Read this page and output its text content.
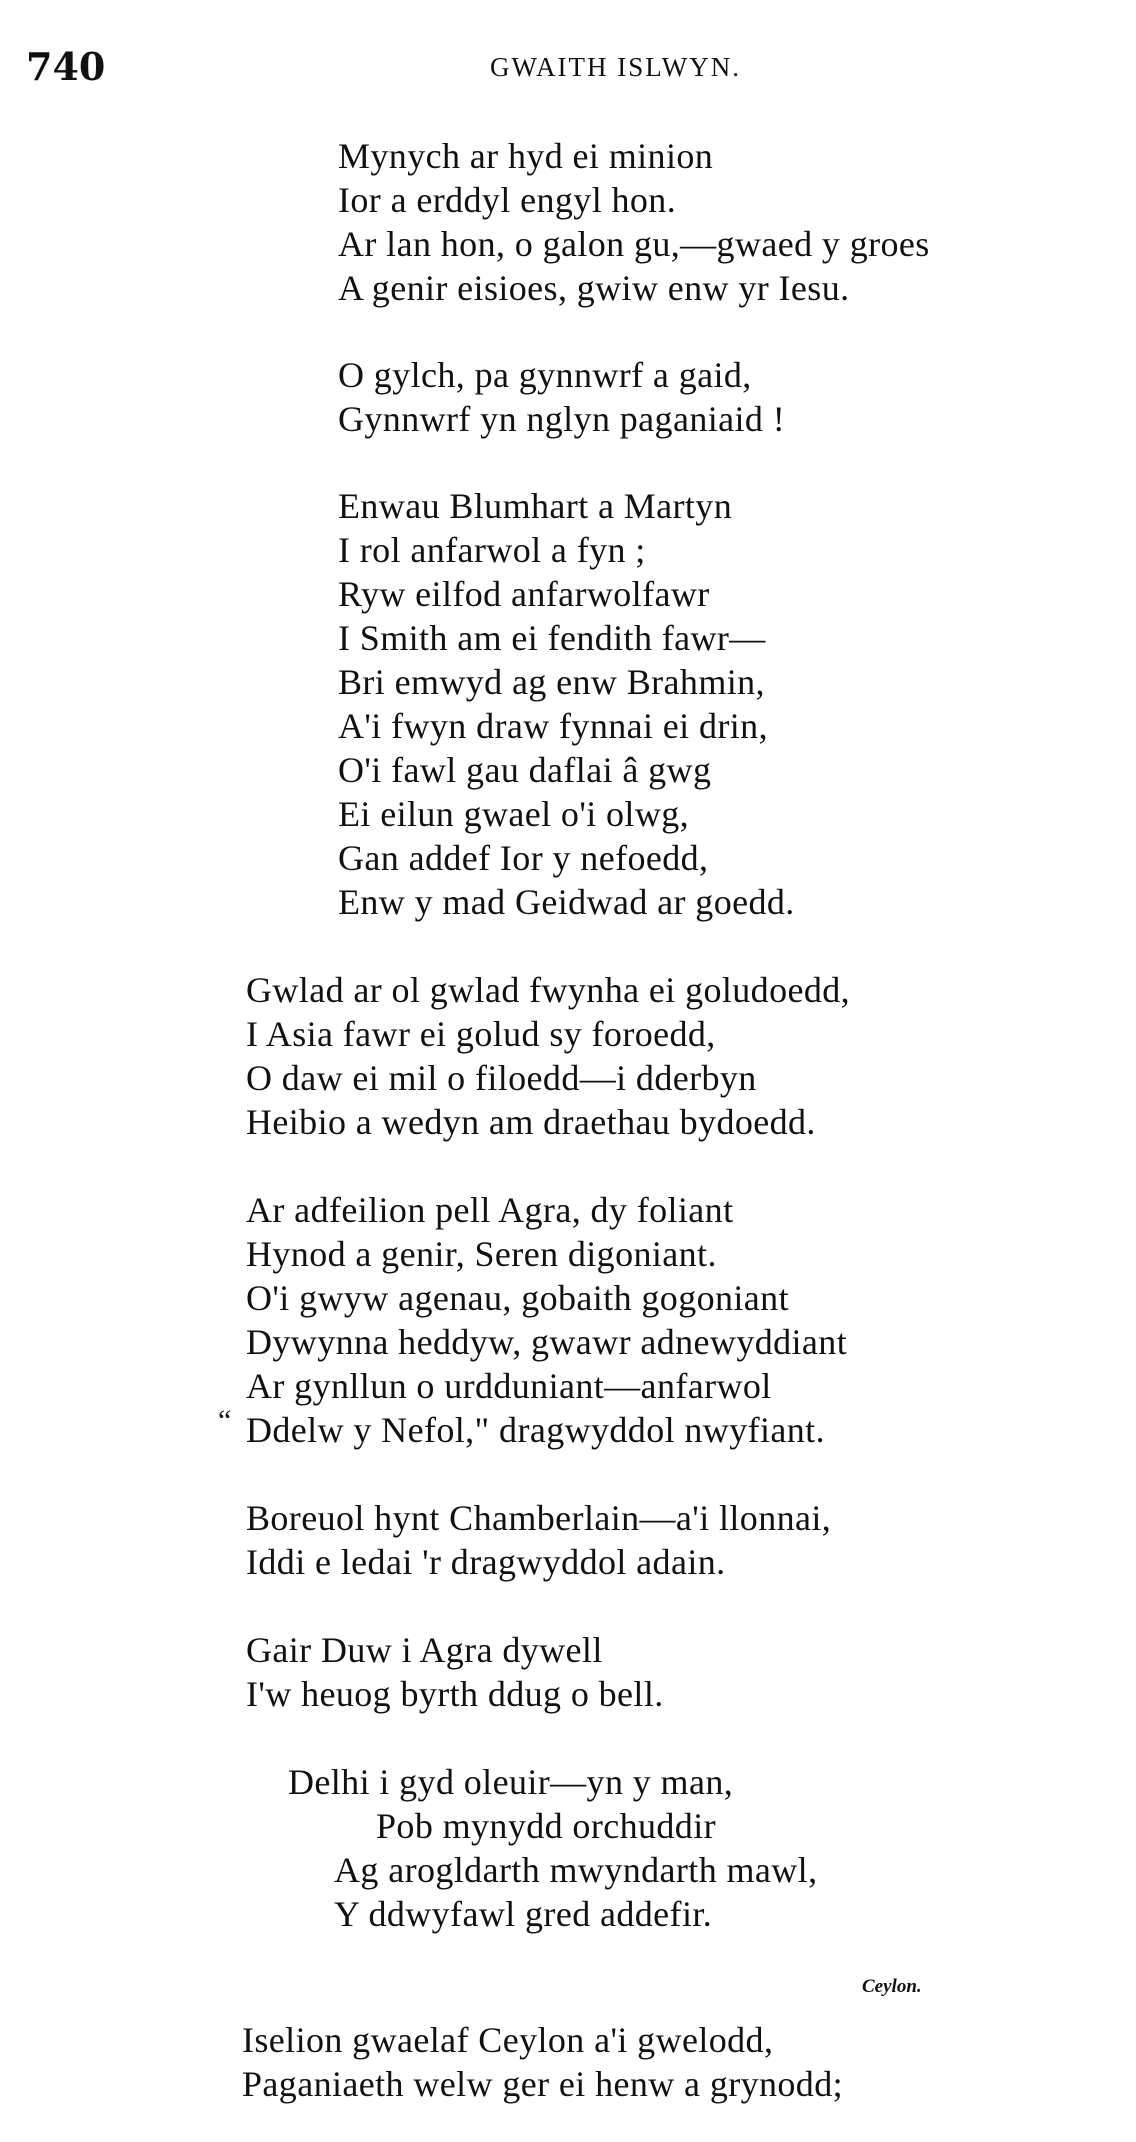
740	GWAITH ISLWYN.
Mynych ar hyd ei minion
Ior a erddyl engyl hon.
Ar lan hon, o galon gu,—gwaed y groes
A genir eisioes, gwiw enw yr Iesu.
O gylch, pa gynnwrf a gaid,
Gynnwrf yn nglyn paganiaid !
Enwau Blumhart a Martyn
I rol anfarwol a fyn ;
Ryw eilfod anfarwolfawr
I Smith am ei fendith fawr—
Bri emwyd ag enw Brahmin,
A'i fwyn draw fynnai ei drin,
O'i fawl gau daflai â gwg
Ei eilun gwael o'i olwg,
Gan addef Ior y nefoedd,
Enw y mad Geidwad ar goedd.
Gwlad ar ol gwlad fwynha ei goludoedd,
I Asia fawr ei golud sy foroedd,
O daw ei mil o filoedd—i dderbyn
Heibio a wedyn am draethau bydoedd.
Ar adfeilion pell Agra, dy foliant
Hynod a genir, Seren digoniant.
O'i gwyw agenau, gobaith gogoniant
Dywynna heddyw, gwawr adnewyddiant
Ar gynllun o urdduniant—anfarwol
“ Ddelw y Nefol," dragwyddol nwyfiant.
Boreuol hynt Chamberlain—a'i llonnai,
Iddi e ledai 'r dragwyddol adain.
Gair Duw i Agra dywell
I'w heuog byrth ddug o bell.
Delhi i gyd oleuir—yn y man,
Pob mynydd orchuddir
Ag arogldarth mwyndarth mawl,
Y ddwyfawl gred addefir.
Ceylon.
Iselion gwaelaf Ceylon a'i gwelodd,
Paganiaeth welw ger ei henw a grynodd;
